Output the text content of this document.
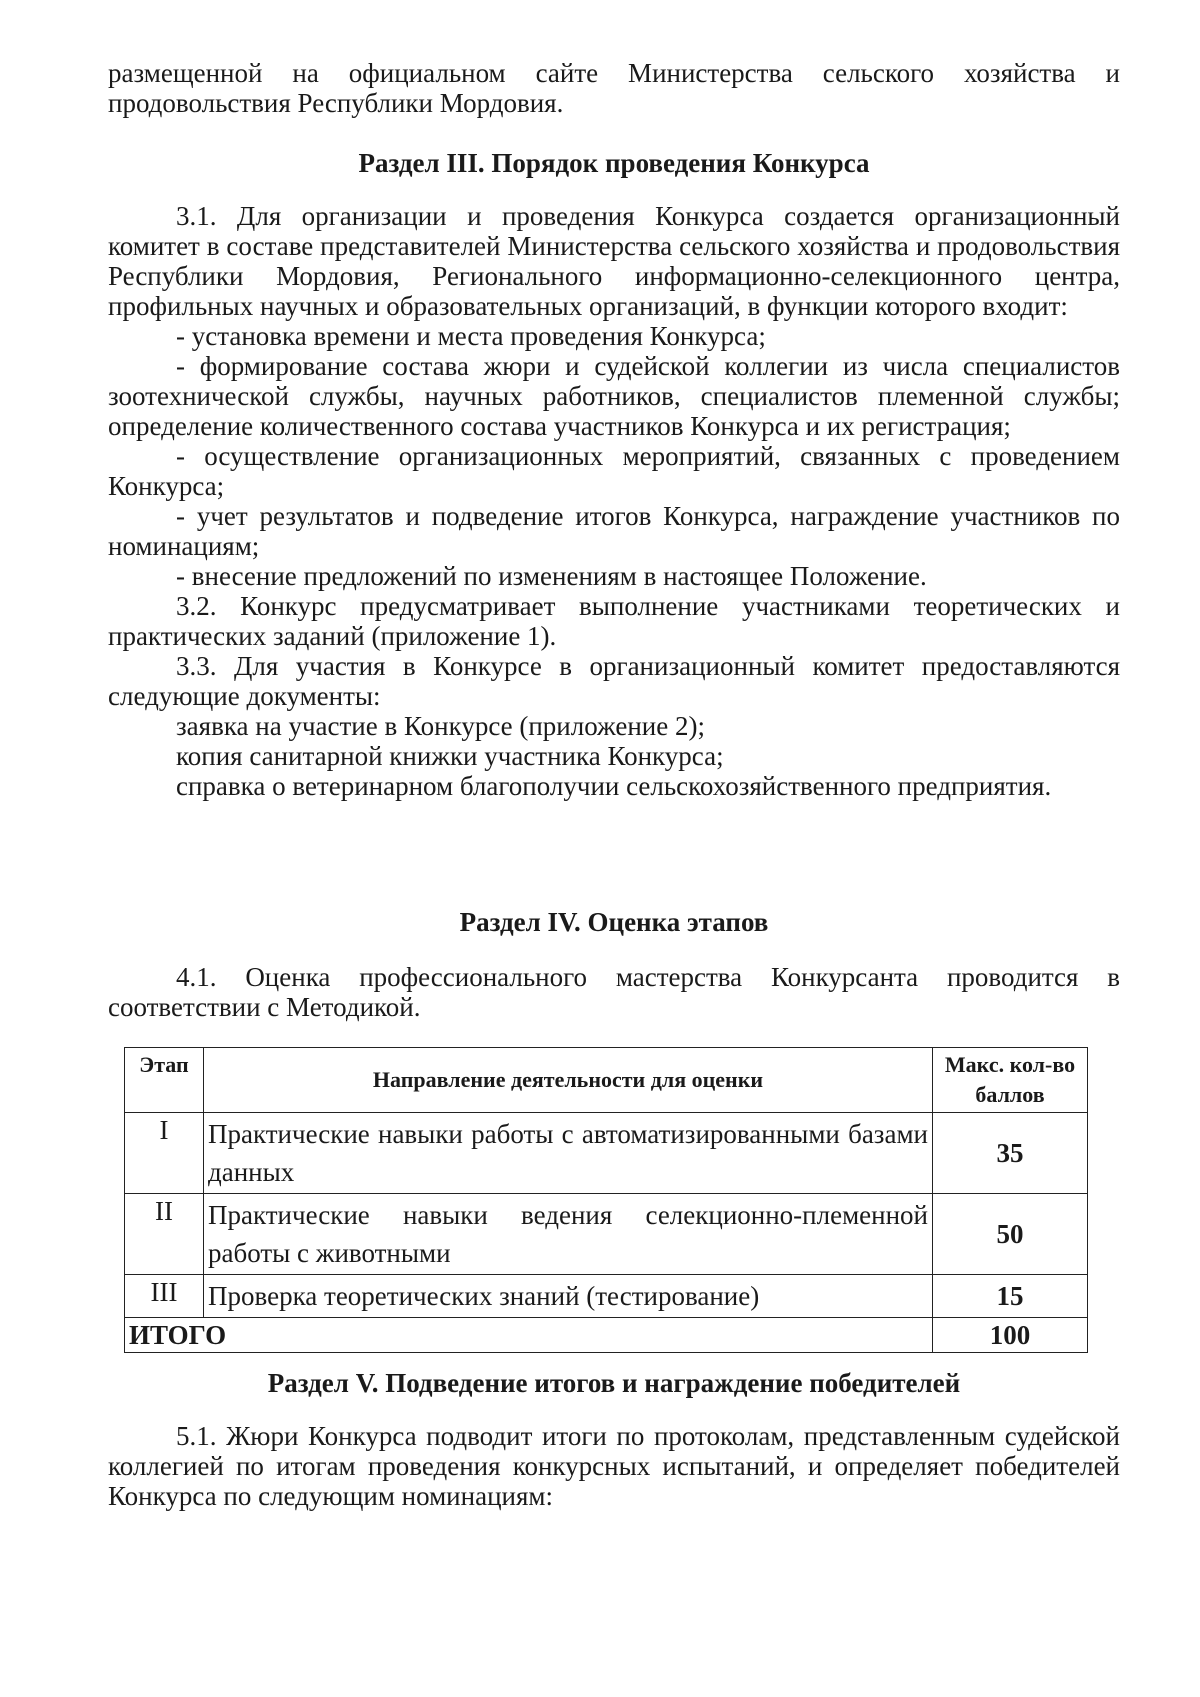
размещенной на официальном сайте Министерства сельского хозяйства и продовольствия Республики Мордовия.

Раздел III. Порядок проведения Конкурса

3.1. Для организации и проведения Конкурса создается организационный комитет в составе представителей Министерства сельского хозяйства и продовольствия Республики Мордовия, Регионального информационно-селекционного центра, профильных научных и образовательных организаций, в функции которого входит:

- установка времени и места проведения Конкурса;

- формирование состава жюри и судейской коллегии из числа специалистов зоотехнической службы, научных работников, специалистов племенной службы; определение количественного состава участников Конкурса и их регистрация;

- осуществление организационных мероприятий, связанных с проведением Конкурса;

- учет результатов и подведение итогов Конкурса, награждение участников по номинациям;

- внесение предложений по изменениям в настоящее Положение.

3.2. Конкурс предусматривает выполнение участниками теоретических и практических заданий (приложение 1).

3.3. Для участия в Конкурсе в организационный комитет предоставляются следующие документы:

заявка на участие в Конкурсе (приложение 2);

копия санитарной книжки участника Конкурса;

справка о ветеринарном благополучии сельскохозяйственного предприятия.

Раздел IV. Оценка этапов

4.1. Оценка профессионального мастерства Конкурсанта проводится в соответствии с Методикой.

Этап	Направление деятельности для оценки	Макс. кол-во баллов
I	Практические навыки работы с автоматизированными базами данных	35
II	Практические навыки ведения селекционно-племенной работы с животными	50
III	Проверка теоретических знаний (тестирование)	15
ИТОГО		100

Раздел V. Подведение итогов и награждение победителей

5.1. Жюри Конкурса подводит итоги по протоколам, представленным судейской коллегией по итогам проведения конкурсных испытаний, и определяет победителей Конкурса по следующим номинациям:
